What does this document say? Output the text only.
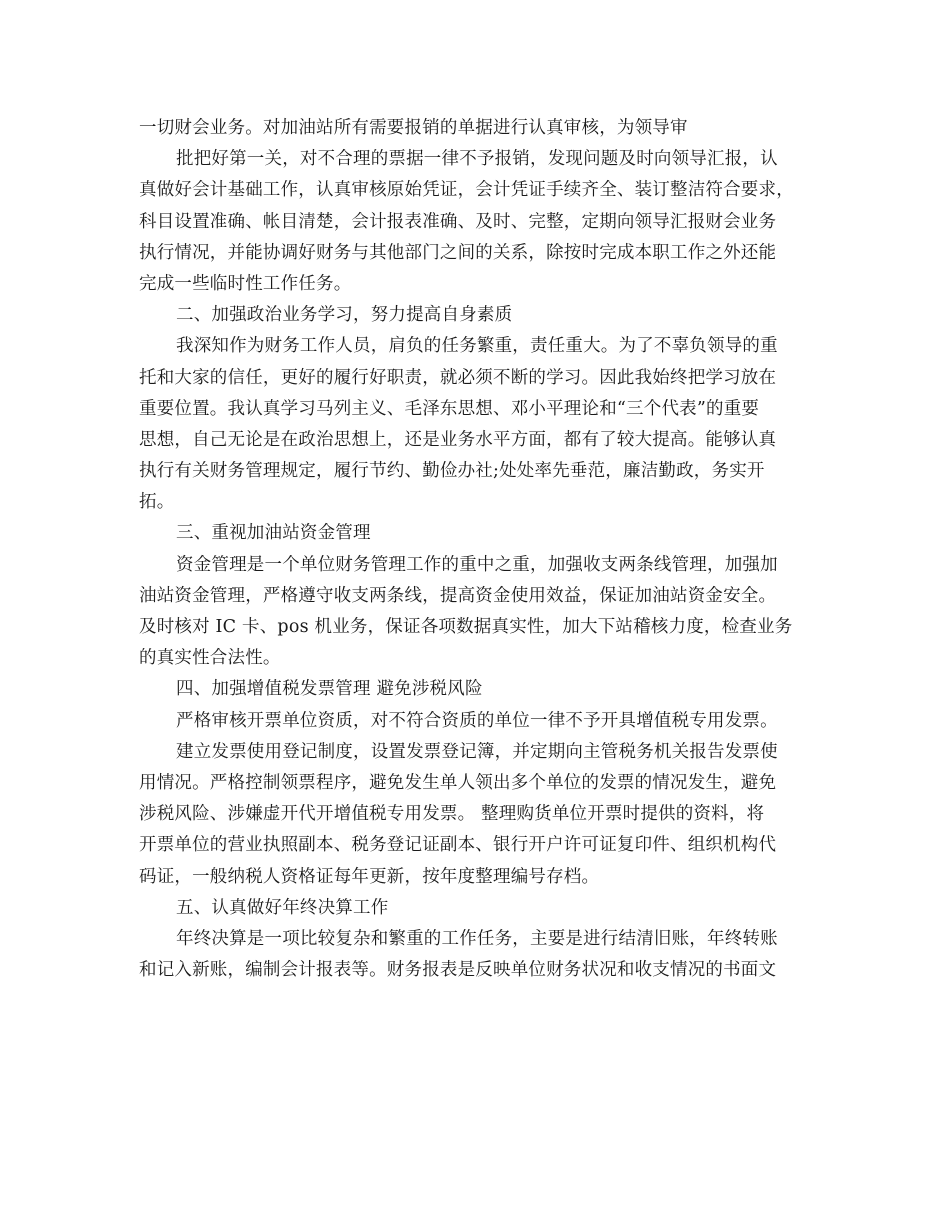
一切财会业务。对加油站所有需要报销的单据进行认真审核，为领导审
批把好第一关，对不合理的票据一律不予报销，发现问题及时向领导汇报，认
真做好会计基础工作，认真审核原始凭证，会计凭证手续齐全、装订整洁符合要求，
科目设置准确、帐目清楚，会计报表准确、及时、完整，定期向领导汇报财会业务
执行情况，并能协调好财务与其他部门之间的关系，除按时完成本职工作之外还能
完成一些临时性工作任务。
二、加强政治业务学习，努力提高自身素质
我深知作为财务工作人员，肩负的任务繁重，责任重大。为了不辜负领导的重
托和大家的信任，更好的履行好职责，就必须不断的学习。因此我始终把学习放在
重要位置。我认真学习马列主义、毛泽东思想、邓小平理论和“三个代表”的重要
思想，自己无论是在政治思想上，还是业务水平方面，都有了较大提高。能够认真
执行有关财务管理规定，履行节约、勤俭办社;处处率先垂范，廉洁勤政，务实开
拓。
三、重视加油站资金管理
资金管理是一个单位财务管理工作的重中之重，加强收支两条线管理，加强加
油站资金管理，严格遵守收支两条线，提高资金使用效益，保证加油站资金安全。
及时核对 IC 卡、pos 机业务，保证各项数据真实性，加大下站稽核力度，检查业务
的真实性合法性。
四、加强增值税发票管理 避免涉税风险
严格审核开票单位资质，对不符合资质的单位一律不予开具增值税专用发票。
建立发票使用登记制度，设置发票登记簿，并定期向主管税务机关报告发票使
用情况。严格控制领票程序，避免发生单人领出多个单位的发票的情况发生，避免
涉税风险、涉嫌虚开代开增值税专用发票。 整理购货单位开票时提供的资料，将
开票单位的营业执照副本、税务登记证副本、银行开户许可证复印件、组织机构代
码证，一般纳税人资格证每年更新，按年度整理编号存档。
五、认真做好年终决算工作
年终决算是一项比较复杂和繁重的工作任务，主要是进行结清旧账，年终转账
和记入新账，编制会计报表等。财务报表是反映单位财务状况和收支情况的书面文
